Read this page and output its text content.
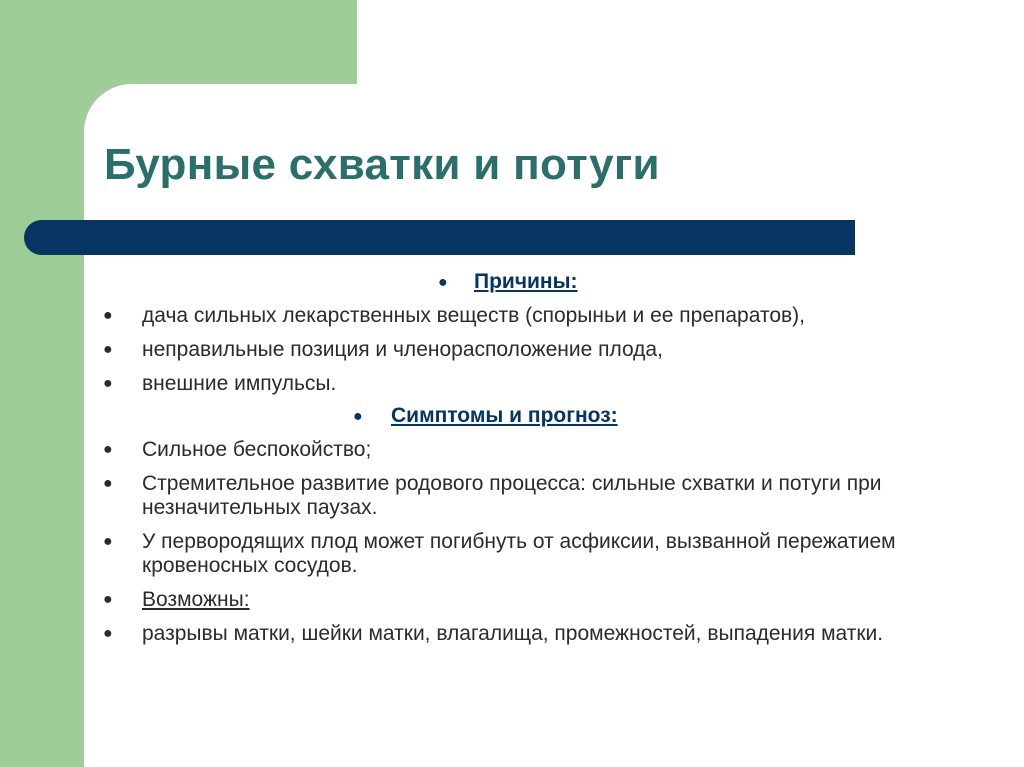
Бурные схватки и потуги
●	Причины:
● дача сильных лекарственных веществ (спорыньи и ее препаратов),
● неправильные позиция и членорасположение плода,
● внешние импульсы.
●	Симптомы и прогноз:
● Сильное беспокойство;
● Стремительное развитие родового процесса: сильные схватки и потуги при незначительных паузах.
● У первородящих плод может погибнуть от асфиксии, вызванной пережатием кровеносных сосудов.
● Возможны:
● разрывы матки, шейки матки, влагалища, промежностей, выпадения матки.
